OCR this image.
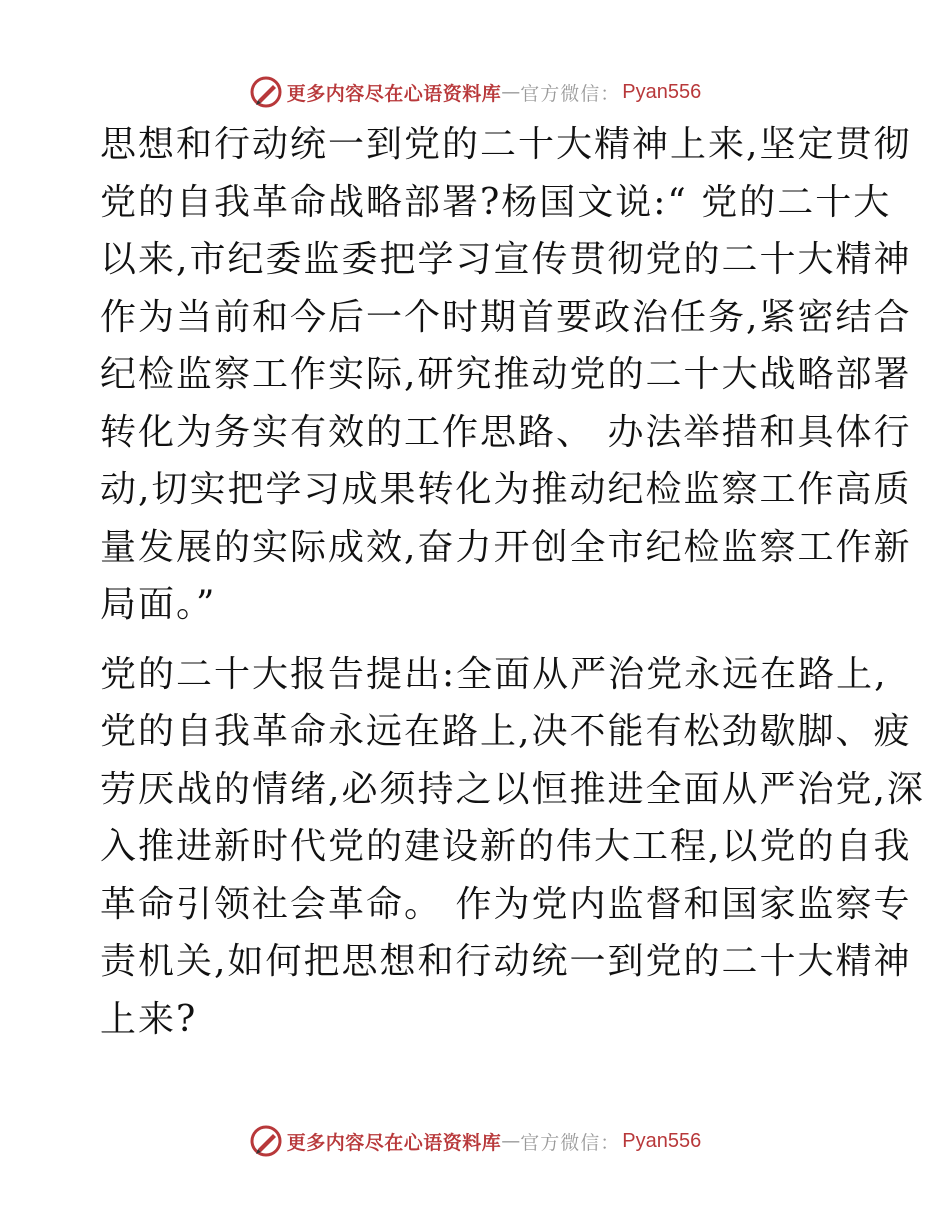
更多内容尽在心语资料库 — 官方微信： Pyan556

思想和行动统一到党的二十大精神上来,坚定贯彻
党的自我革命战略部署?杨国文说:“ 党的二十大
以来,市纪委监委把学习宣传贯彻党的二十大精神
作为当前和今后一个时期首要政治任务,紧密结合
纪检监察工作实际,研究推动党的二十大战略部署
转化为务实有效的工作思路、 办法举措和具体行
动,切实把学习成果转化为推动纪检监察工作高质
量发展的实际成效,奋力开创全市纪检监察工作新
局面。”

党的二十大报告提出:全面从严治党永远在路上,
党的自我革命永远在路上,决不能有松劲歇脚、疲
劳厌战的情绪,必须持之以恒推进全面从严治党,深
入推进新时代党的建设新的伟大工程,以党的自我
革命引领社会革命。 作为党内监督和国家监察专
责机关,如何把思想和行动统一到党的二十大精神
上来?

更多内容尽在心语资料库 — 官方微信： Pyan556
